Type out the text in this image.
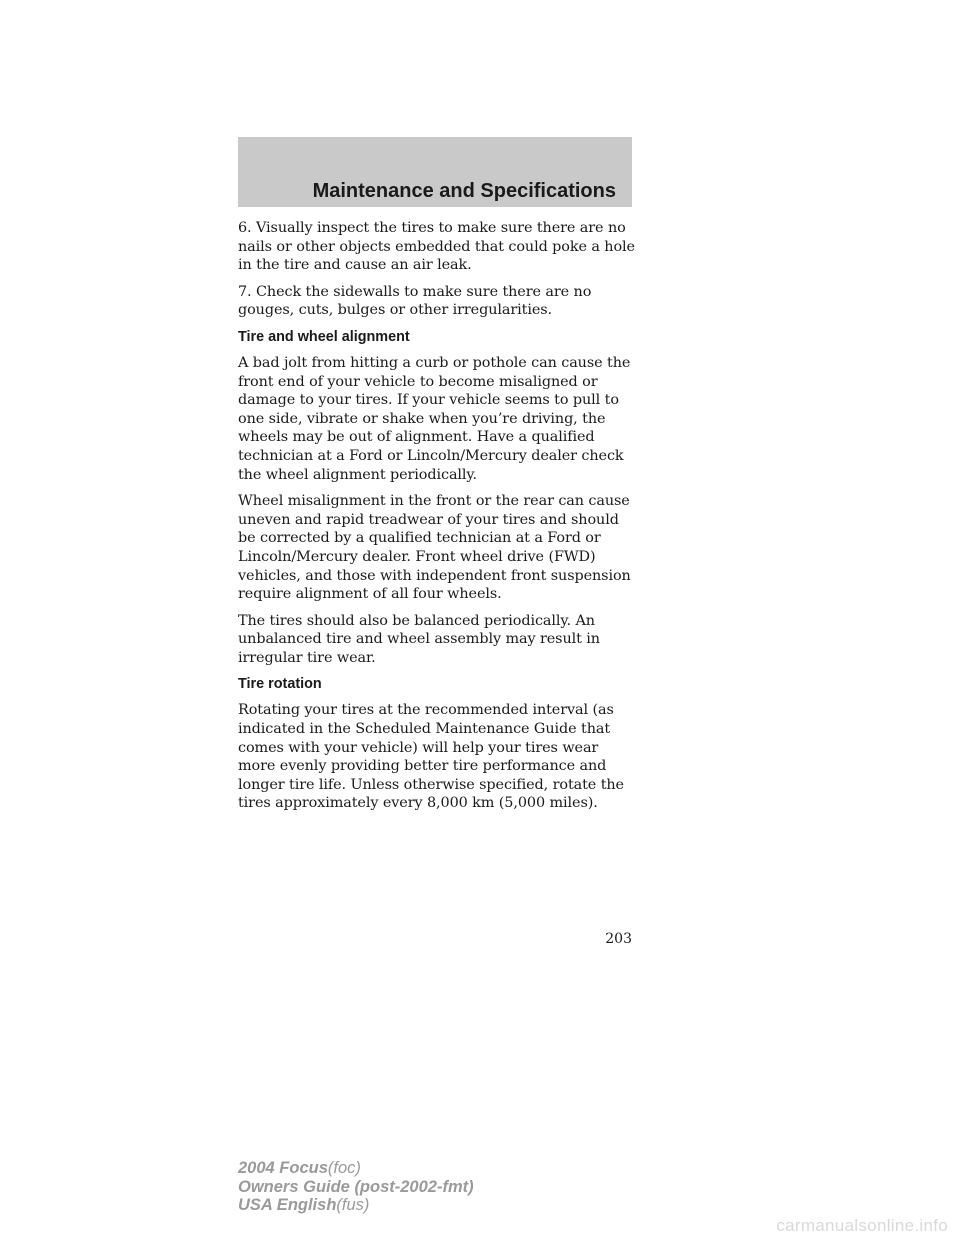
Maintenance and Specifications

6. Visually inspect the tires to make sure there are no nails or other objects embedded that could poke a hole in the tire and cause an air leak.

7. Check the sidewalls to make sure there are no gouges, cuts, bulges or other irregularities.

Tire and wheel alignment

A bad jolt from hitting a curb or pothole can cause the front end of your vehicle to become misaligned or damage to your tires. If your vehicle seems to pull to one side, vibrate or shake when you’re driving, the wheels may be out of alignment. Have a qualified technician at a Ford or Lincoln/Mercury dealer check the wheel alignment periodically.

Wheel misalignment in the front or the rear can cause uneven and rapid treadwear of your tires and should be corrected by a qualified technician at a Ford or Lincoln/Mercury dealer. Front wheel drive (FWD) vehicles, and those with independent front suspension require alignment of all four wheels.

The tires should also be balanced periodically. An unbalanced tire and wheel assembly may result in irregular tire wear.

Tire rotation

Rotating your tires at the recommended interval (as indicated in the Scheduled Maintenance Guide that comes with your vehicle) will help your tires wear more evenly providing better tire performance and longer tire life. Unless otherwise specified, rotate the tires approximately every 8,000 km (5,000 miles).

203
2004 Focus(foc)
Owners Guide (post-2002-fmt)
USA English(fus)
carmanualsonline.info
